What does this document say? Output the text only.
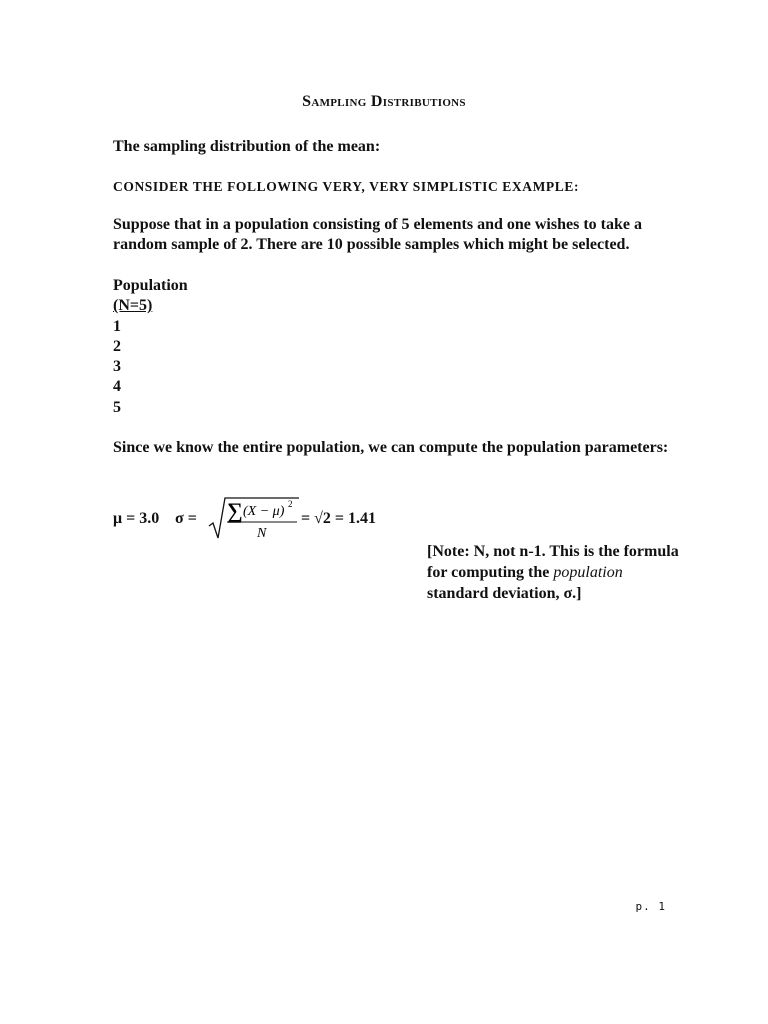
Sampling Distributions
The sampling distribution of the mean:
CONSIDER THE FOLLOWING VERY, VERY SIMPLISTIC EXAMPLE:
Suppose that in a population consisting of 5 elements and one wishes to take a random sample of 2. There are 10 possible samples which might be selected.
Population
(N=5)
1
2
3
4
5
Since we know the entire population, we can compute the population parameters:
μ = 3.0 σ = ∑ (X − μ) 2
N
= √2 = 1.41
[Note: N, not n-1. This is the formula for computing the population standard deviation, σ.]
p. 1
